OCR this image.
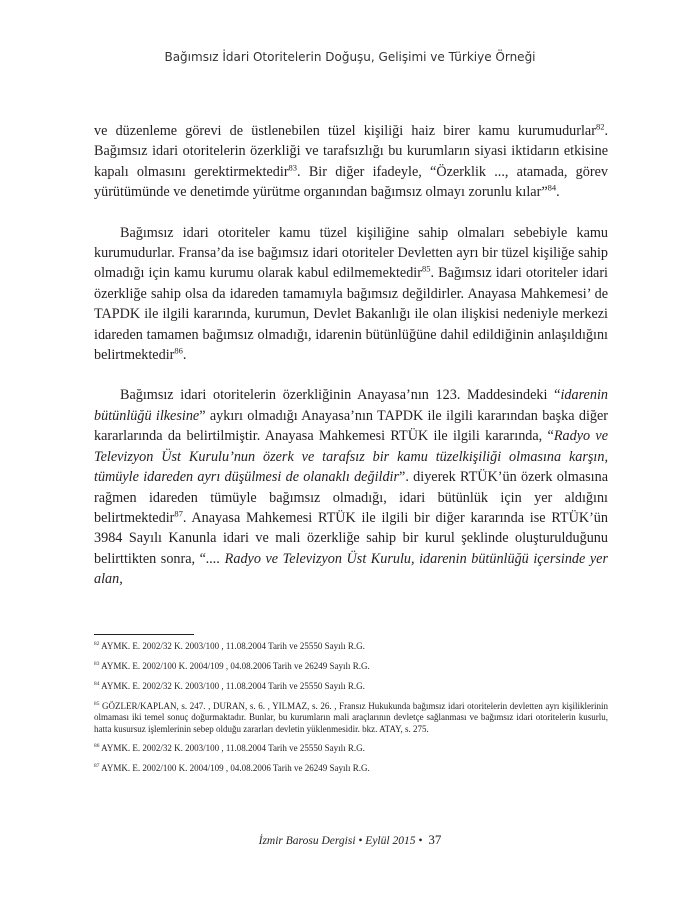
Bağımsız İdari Otoritelerin Doğuşu, Gelişimi ve Türkiye Örneği

ve düzenleme görevi de üstlenebilen tüzel kişiliği haiz birer kamu kurumudurlar$^{82}$. Bağımsız idari otoritelerin özerkliği ve tarafsızlığı bu kurumların siyasi iktidarın etkisine kapalı olmasını gerektirmektedir$^{83}$. Bir diğer ifadeyle, “Özerklik ..., atamada, görev yürütümünde ve denetimde yürütme organından bağımsız olmayı zorunlu kılar”$^{84}$.

Bağımsız idari otoriteler kamu tüzel kişiliğine sahip olmaları sebebiyle kamu kurumudurlar. Fransa’da ise bağımsız idari otoriteler Devletten ayrı bir tüzel kişiliğe sahip olmadığı için kamu kurumu olarak kabul edilmemektedir$^{85}$. Bağımsız idari otoriteler idari özerkliğe sahip olsa da idareden tamamıyla bağımsız değildirler. Anayasa Mahkemesi’ de TAPDK ile ilgili kararında, kurumun, Devlet Bakanlığı ile olan ilişkisi nedeniyle merkezi idareden tamamen bağımsız olmadığı, idarenin bütünlüğüne dahil edildiğinin anlaşıldığını belirtmektedir$^{86}$.

Bağımsız idari otoritelerin özerkliğinin Anayasa’nın 123. Maddesindeki “idarenin bütünlüğü ilkesine” aykırı olmadığı Anayasa’nın TAPDK ile ilgili kararından başka diğer kararlarında da belirtilmiştir. Anayasa Mahkemesi RTÜK ile ilgili kararında, “Radyo ve Televizyon Üst Kurulu’nun özerk ve tarafsız bir kamu tüzelkişiliği olmasına karşın, tümüyle idareden ayrı düşülmesi de olanaklı değildir”. diyerek RTÜK’ün özerk olmasına rağmen idareden tümüyle bağımsız olmadığı, idari bütünlük için yer aldığını belirtmektedir$^{87}$. Anayasa Mahkemesi RTÜK ile ilgili bir diğer kararında ise RTÜK’ün 3984 Sayılı Kanunla idari ve mali özerkliğe sahip bir kurul şeklinde oluşturulduğunu belirttikten sonra, “.... Radyo ve Televizyon Üst Kurulu, idarenin bütünlüğü içersinde yer alan,

$^{82}$ AYMK. E. 2002/32 K. 2003/100 , 11.08.2004 Tarih ve 25550 Sayılı R.G.
$^{83}$ AYMK. E. 2002/100 K. 2004/109 , 04.08.2006 Tarih ve 26249 Sayılı R.G.
$^{84}$ AYMK. E. 2002/32 K. 2003/100 , 11.08.2004 Tarih ve 25550 Sayılı R.G.
$^{85}$ GÖZLER/KAPLAN, s. 247. , DURAN, s. 6. , YILMAZ, s. 26. , Fransız Hukukunda bağımsız idari otoritelerin devletten ayrı kişiliklerinin olmaması iki temel sonuç doğurmaktadır. Bunlar, bu kurumların mali araçlarının devletçe sağlanması ve bağımsız idari otoritelerin kusurlu, hatta kusursuz işlemlerinin sebep olduğu zararları devletin yüklenmesidir. bkz. ATAY, s. 275.
$^{86}$ AYMK. E. 2002/32 K. 2003/100 , 11.08.2004 Tarih ve 25550 Sayılı R.G.
$^{87}$ AYMK. E. 2002/100 K. 2004/109 , 04.08.2006 Tarih ve 26249 Sayılı R.G.
İzmir Barosu Dergisi • Eylül 2015 • 37
